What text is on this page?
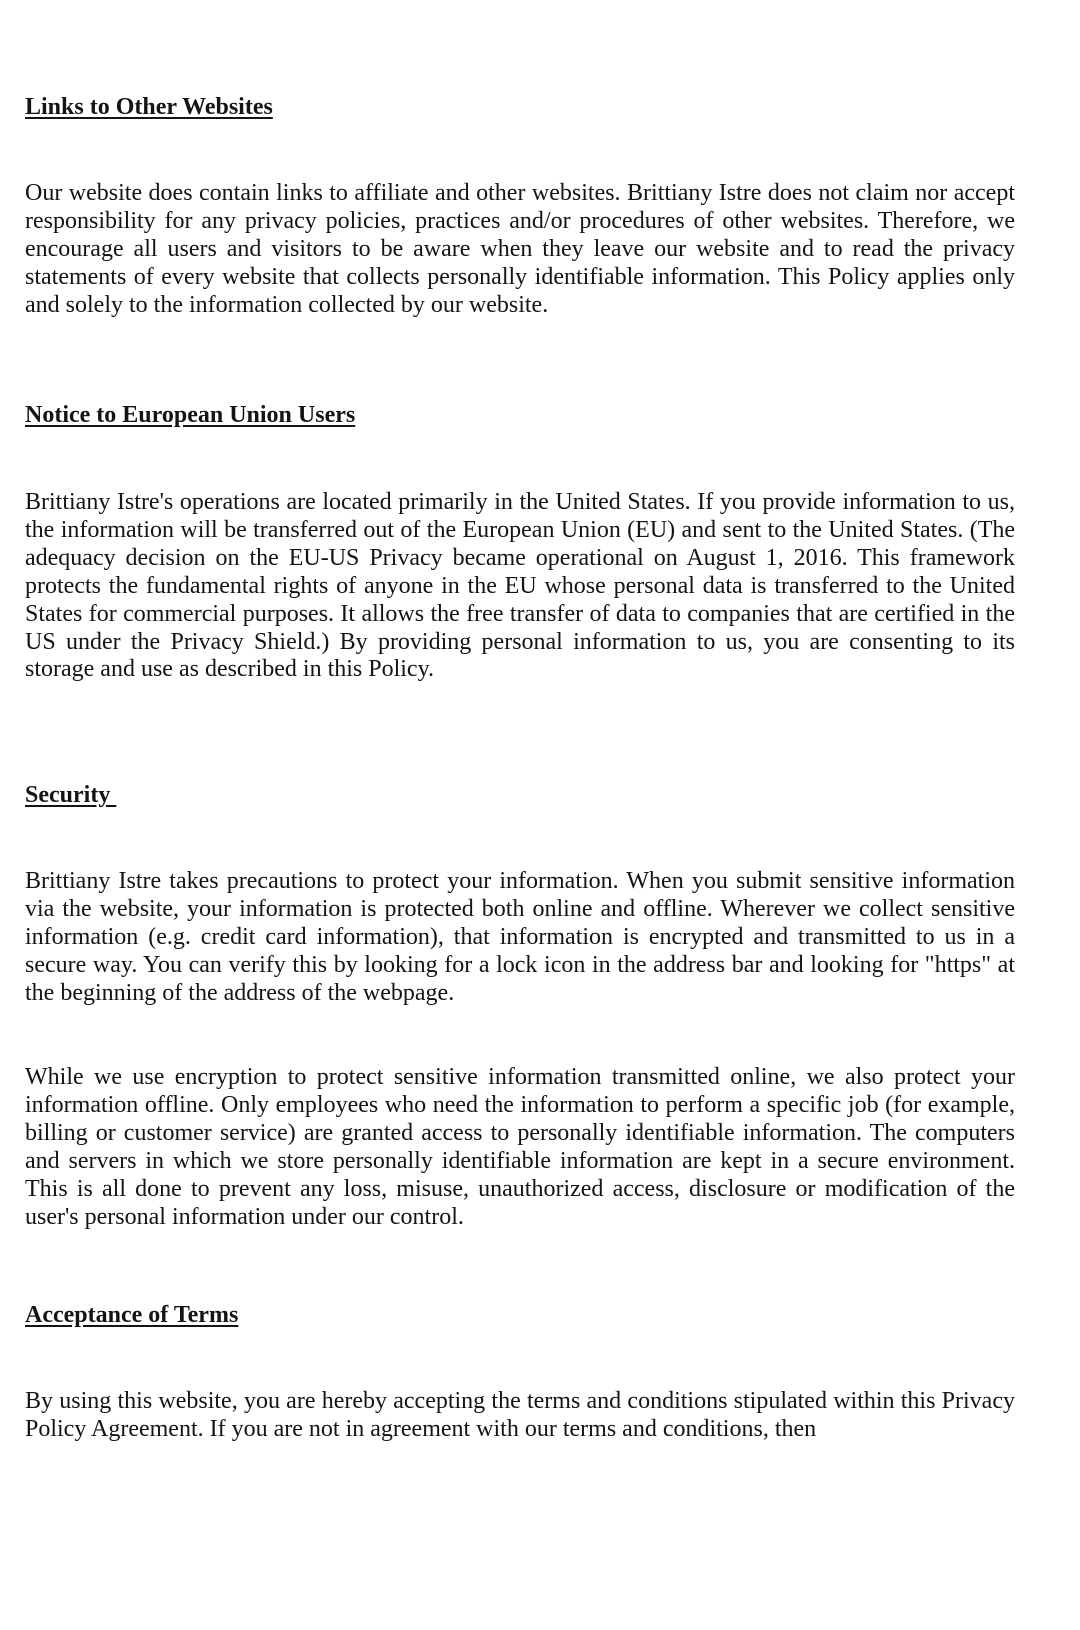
Links to Other Websites
Our website does contain links to affiliate and other websites. Brittiany Istre does not claim nor accept responsibility for any privacy policies, practices and/or procedures of other websites. Therefore, we encourage all users and visitors to be aware when they leave our website and to read the privacy statements of every website that collects personally identifiable information. This Policy applies only and solely to the information collected by our website.
Notice to European Union Users
Brittiany Istre's operations are located primarily in the United States. If you provide information to us, the information will be transferred out of the European Union (EU) and sent to the United States. (The adequacy decision on the EU-US Privacy became operational on August 1, 2016. This framework protects the fundamental rights of anyone in the EU whose personal data is transferred to the United States for commercial purposes. It allows the free transfer of data to companies that are certified in the US under the Privacy Shield.) By providing personal information to us, you are consenting to its storage and use as described in this Policy.
Security
Brittiany Istre takes precautions to protect your information. When you submit sensitive information via the website, your information is protected both online and offline. Wherever we collect sensitive information (e.g. credit card information), that information is encrypted and transmitted to us in a secure way. You can verify this by looking for a lock icon in the address bar and looking for "https" at the beginning of the address of the webpage.
While we use encryption to protect sensitive information transmitted online, we also protect your information offline. Only employees who need the information to perform a specific job (for example, billing or customer service) are granted access to personally identifiable information. The computers and servers in which we store personally identifiable information are kept in a secure environment. This is all done to prevent any loss, misuse, unauthorized access, disclosure or modification of the user's personal information under our control.
Acceptance of Terms
By using this website, you are hereby accepting the terms and conditions stipulated within this Privacy Policy Agreement. If you are not in agreement with our terms and conditions, then
